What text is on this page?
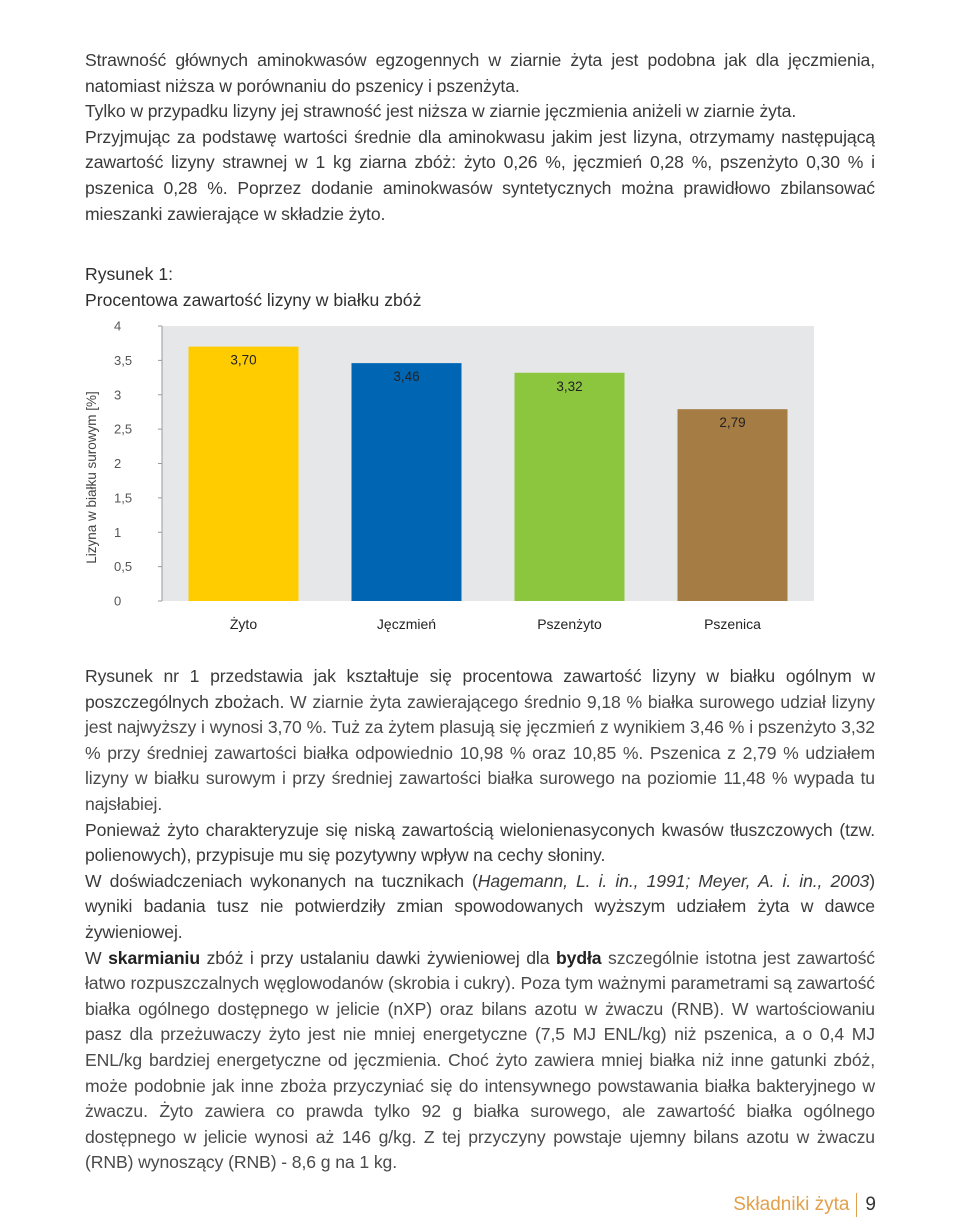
Strawność głównych aminokwasów egzogennych w ziarnie żyta jest podobna jak dla jęczmienia, natomiast niższa w porównaniu do pszenicy i pszenżyta.

Tylko w przypadku lizyny jej strawność jest niższa w ziarnie jęczmienia aniżeli w ziarnie żyta.

Przyjmując za podstawę wartości średnie dla aminokwasu jakim jest lizyna, otrzymamy następującą zawartość lizyny strawnej w 1 kg ziarna zbóż: żyto 0,26 %, jęczmień 0,28 %, pszenżyto 0,30 % i pszenica 0,28 %. Poprzez dodanie aminokwasów syntetycznych można prawidłowo zbilansować mieszanki zawierające w składzie żyto.

Rysunek 1:
Procentowa zawartość lizyny w białku zbóż
0
0,5
1
1,5
2
2,5
3
3,5
4
Lizyna w białku surowym [%]
3,70
Żyto
3,46
Jęczmień
3,32
Pszenżyto
2,79
Pszenica

Rysunek nr 1 przedstawia jak kształtuje się procentowa zawartość lizyny w białku ogólnym w poszczególnych zbożach. W ziarnie żyta zawierającego średnio 9,18 % białka surowego udział lizyny jest najwyższy i wynosi 3,70 %. Tuż za żytem plasują się jęczmień z wynikiem 3,46 % i pszenżyto 3,32 % przy średniej zawartości białka odpowiednio 10,98 % oraz 10,85 %. Pszenica z 2,79 % udziałem lizyny w białku surowym i przy średniej zawartości białka surowego na poziomie 11,48 % wypada tu najsłabiej.

Ponieważ żyto charakteryzuje się niską zawartością wielonienasyconych kwasów tłuszczowych (tzw. polienowych), przypisuje mu się pozytywny wpływ na cechy słoniny.

W doświadczeniach wykonanych na tucznikach (Hagemann, L. i. in., 1991; Meyer, A. i. in., 2003) wyniki badania tusz nie potwierdziły zmian spowodowanych wyższym udziałem żyta w dawce żywieniowej.

W skarmianiu zbóż i przy ustalaniu dawki żywieniowej dla bydła szczególnie istotna jest zawartość łatwo rozpuszczalnych węglowodanów (skrobia i cukry). Poza tym ważnymi parametrami są zawartość białka ogólnego dostępnego w jelicie (nXP) oraz bilans azotu w żwaczu (RNB). W wartościowaniu pasz dla przeżuwaczy żyto jest nie mniej energetyczne (7,5 MJ ENL/kg) niż pszenica, a o 0,4 MJ ENL/kg bardziej energetyczne od jęczmienia. Choć żyto zawiera mniej białka niż inne gatunki zbóż, może podobnie jak inne zboża przyczyniać się do intensywnego powstawania białka bakteryjnego w żwaczu. Żyto zawiera co prawda tylko 92 g białka surowego, ale zawartość białka ogólnego dostępnego w jelicie wynosi aż 146 g/kg. Z tej przyczyny powstaje ujemny bilans azotu w żwaczu (RNB) wynoszący (RNB) - 8,6 g na 1 kg.

Składniki żyta 9
